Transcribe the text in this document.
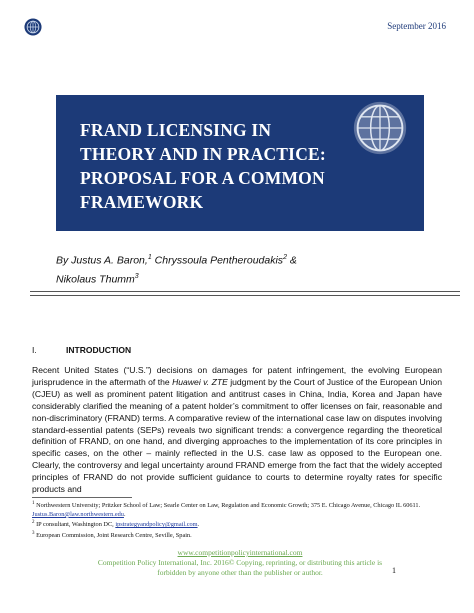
September 2016
FRAND LICENSING IN
THEORY AND IN PRACTICE:
PROPOSAL FOR A COMMON
FRAMEWORK
By Justus A. Baron,$^1$ Chryssoula Pentheroudakis$^2$ &
Nikolaus Thumm$^3$
I.	INTRODUCTION
Recent United States (“U.S.”) decisions on damages for patent infringement, the evolving European jurisprudence in the aftermath of the Huawei v. ZTE judgment by the Court of Justice of the European Union (CJEU) as well as prominent patent litigation and antitrust cases in China, India, Korea and Japan have considerably clarified the meaning of a patent holder’s commitment to offer licenses on fair, reasonable and non-discriminatory (FRAND) terms. A comparative review of the international case law on disputes involving standard-essential patents (SEPs) reveals two significant trends: a convergence regarding the theoretical definition of FRAND, on one hand, and diverging approaches to the implementation of its core principles in specific cases, on the other – mainly reflected in the U.S. case law as opposed to the European one. Clearly, the controversy and legal uncertainty around FRAND emerge from the fact that the widely accepted principles of FRAND do not provide sufficient guidance to courts to determine royalty rates for specific products and
$^1$ Northwestern University; Pritzker School of Law; Searle Center on Law, Regulation and Economic Growth; 375 E. Chicago Avenue, Chicago IL 60611. Justus.Baron@law.northwestern.edu.
$^2$ IP consultant, Washington DC, ipstrategyandpolicy@gmail.com.
$^3$ European Commission, Joint Research Centre, Seville, Spain.
www.competitionpolicyinternational.com
Competition Policy International, Inc. 2016© Copying, reprinting, or distributing this article is
forbidden by anyone other than the publisher or author.	1
